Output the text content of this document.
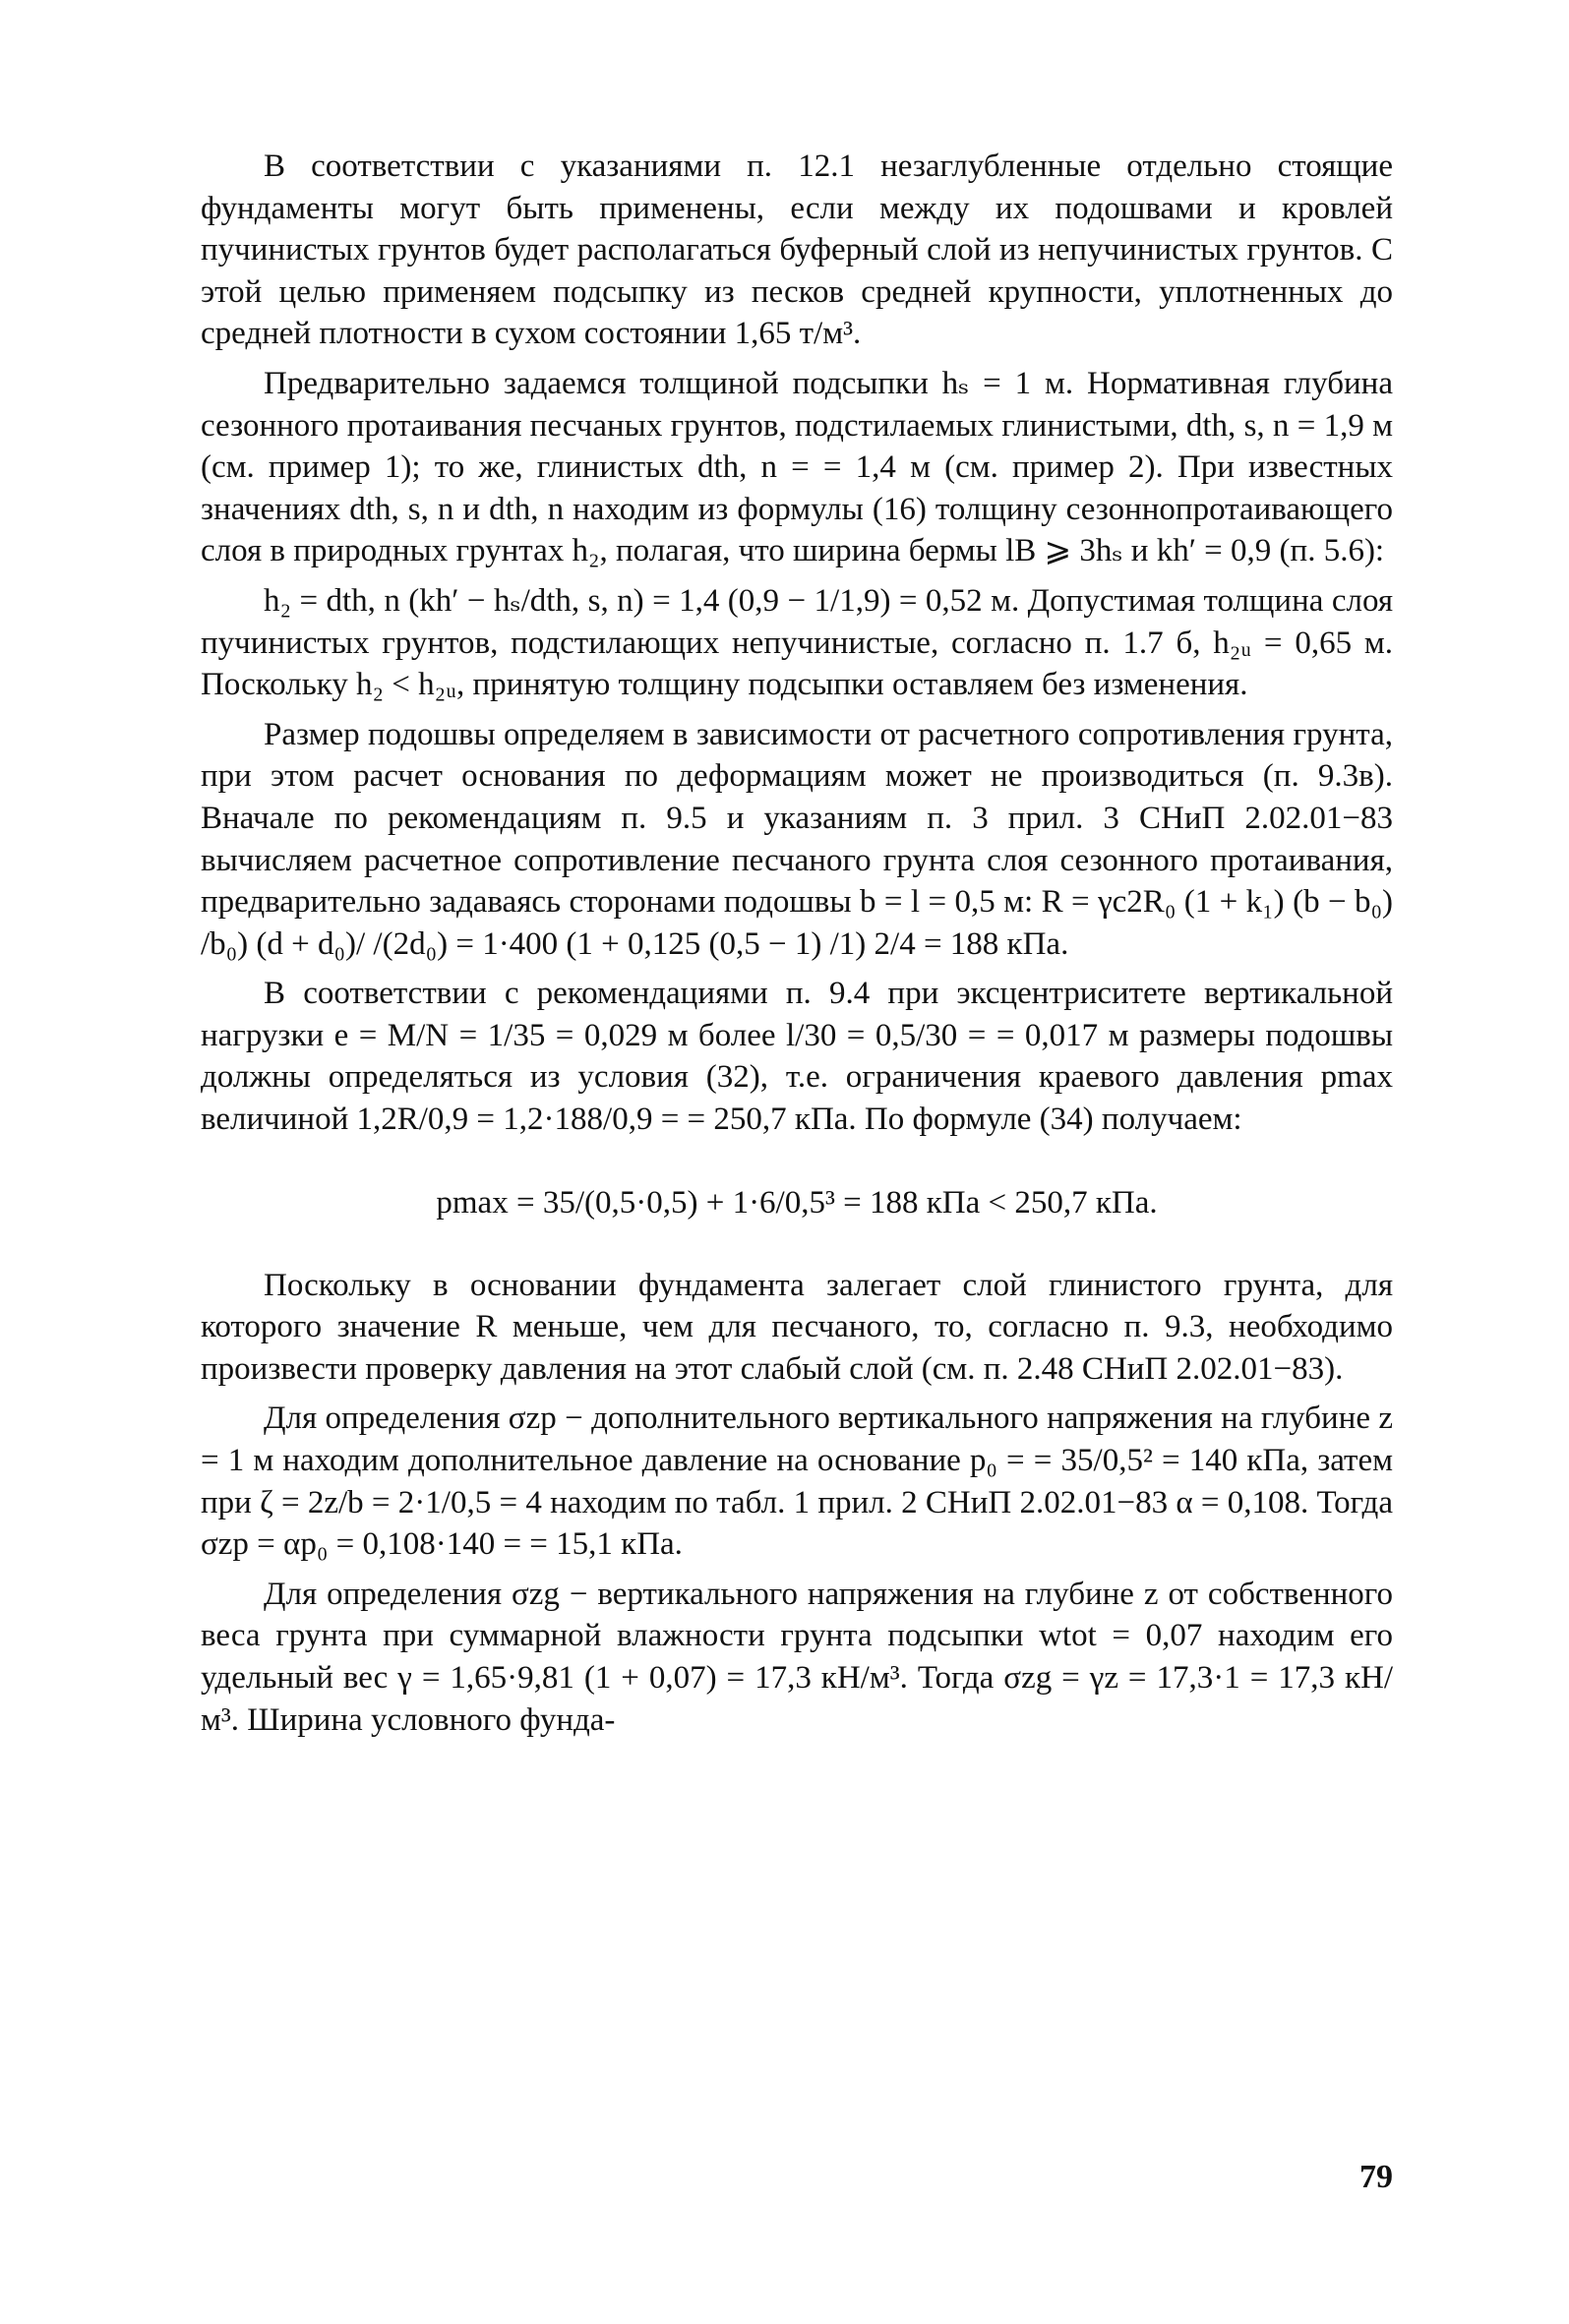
В соответствии с указаниями п. 12.1 незаглубленные отдельно стоящие фундаменты могут быть применены, если между их подошвами и кровлей пучинистых грунтов будет располагаться буферный слой из непучинистых грунтов. С этой целью применяем подсыпку из песков средней крупности, уплотненных до средней плотности в сухом состоянии 1,65 т/м³.

Предварительно задаемся толщиной подсыпки hₛ = 1 м. Нормативная глубина сезонного протаивания песчаных грунтов, подстилаемых глинистыми, dth, s, n = 1,9 м (см. пример 1); то же, глинистых dth, n = = 1,4 м (см. пример 2). При известных значениях dth, s, n и dth, n находим из формулы (16) толщину сезоннопротаивающего слоя в природных грунтах h₂, полагая, что ширина бермы lB ⩾ 3hₛ и kh′ = 0,9 (п. 5.6):

h₂ = dth, n (kh′ − hₛ/dth, s, n) = 1,4 (0,9 − 1/1,9) = 0,52 м. Допустимая толщина слоя пучинистых грунтов, подстилающих непучинистые, согласно п. 1.7 б, h₂ᵤ = 0,65 м. Поскольку h₂ < h₂ᵤ, принятую толщину подсыпки оставляем без изменения.

Размер подошвы определяем в зависимости от расчетного сопротивления грунта, при этом расчет основания по деформациям может не производиться (п. 9.3в). Вначале по рекомендациям п. 9.5 и указаниям п. 3 прил. 3 СНиП 2.02.01−83 вычисляем расчетное сопротивление песчаного грунта слоя сезонного протаивания, предварительно задаваясь сторонами подошвы b = l = 0,5 м: R = γc2R₀ (1 + k₁) (b − b₀) /b₀) (d + d₀)/ /(2d₀) = 1·400 (1 + 0,125 (0,5 − 1) /1) 2/4 = 188 кПа.

В соответствии с рекомендациями п. 9.4 при эксцентриситете вертикальной нагрузки e = M/N = 1/35 = 0,029 м более l/30 = 0,5/30 = = 0,017 м размеры подошвы должны определяться из условия (32), т.е. ограничения краевого давления pmax величиной 1,2R/0,9 = 1,2·188/0,9 = = 250,7 кПа. По формуле (34) получаем:

pmax = 35/(0,5·0,5) + 1·6/0,5³ = 188 кПа < 250,7 кПа.

Поскольку в основании фундамента залегает слой глинистого грунта, для которого значение R меньше, чем для песчаного, то, согласно п. 9.3, необходимо произвести проверку давления на этот слабый слой (см. п. 2.48 СНиП 2.02.01−83).

Для определения σzp − дополнительного вертикального напряжения на глубине z = 1 м находим дополнительное давление на основание p₀ = = 35/0,5² = 140 кПа, затем при ζ = 2z/b = 2·1/0,5 = 4 находим по табл. 1 прил. 2 СНиП 2.02.01−83 α = 0,108. Тогда σzp = αp₀ = 0,108·140 = = 15,1 кПа.

Для определения σzg − вертикального напряжения на глубине z от собственного веса грунта при суммарной влажности грунта подсыпки wtot = 0,07 находим его удельный вес γ = 1,65·9,81 (1 + 0,07) = 17,3 кН/м³. Тогда σzg = γz = 17,3·1 = 17,3 кН/м³. Ширина условного фунда-

79
